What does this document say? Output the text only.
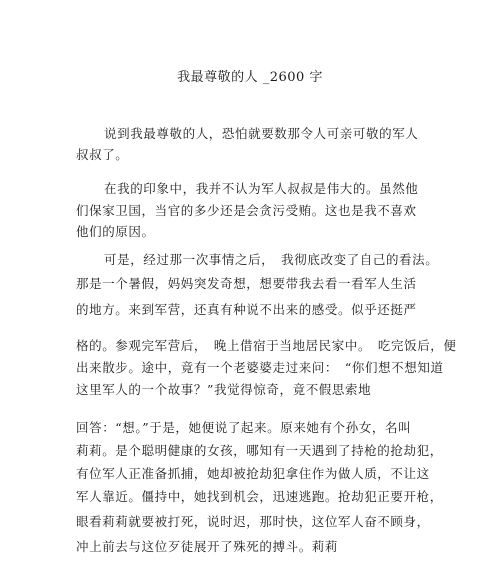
我最尊敬的人 _2600 字
说到我最尊敬的人，恐怕就要数那令人可亲可敬的军人
叔叔了。
在我的印象中，我并不认为军人叔叔是伟大的。虽然他
们保家卫国，当官的多少还是会贪污受贿。这也是我不喜欢
他们的原因。
可是，经过那一次事情之后，　我彻底改变了自己的看法。
那是一个暑假，妈妈突发奇想，想要带我去看一看军人生活
的地方。来到军营，还真有种说不出来的感受。似乎还挺严
格的。参观完军营后，　晚上借宿于当地居民家中。　吃完饭后，便
出来散步。途中，竟有一个老婆婆走过来问：　“你们想不想知道
这里军人的一个故事？”我觉得惊奇，竟不假思索地
回答：“想。”于是，她便说了起来。原来她有个孙女，名叫
莉莉。是个聪明健康的女孩，哪知有一天遇到了持枪的抢劫犯，
有位军人正准备抓捕，她却被抢劫犯拿住作为做人质，不让这
军人靠近。僵持中，她找到机会，迅速逃跑。抢劫犯正要开枪，
眼看莉莉就要被打死，说时迟，那时快，这位军人奋不顾身，
冲上前去与这位歹徒展开了殊死的搏斗。莉莉
